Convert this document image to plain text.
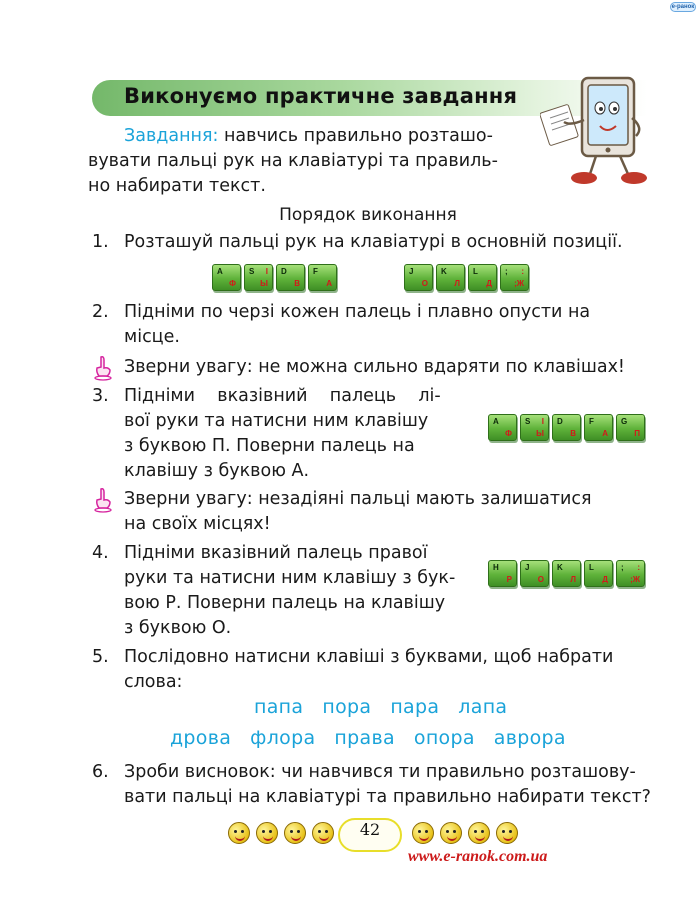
e-ранок
Виконуємо практичне завдання
Завдання: навчись правильно розташо-
вувати пальці рук на клавіатурі та правиль-
но набирати текст.
Порядок виконання
1. Розташуй пальці рук на клавіатурі в основній позиції.
A
Ф
S І
Ы
D
В
F
А
J
О
K
Л
L
Д
; :
;Ж
2. Підніми по черзі кожен палець і плавно опусти на
місце.
Зверни увагу: не можна сильно вдаряти по клавішах!
3. Підніми    вказівний    палець    лі-
вої руки та натисни ним клавішу
з буквою П. Поверни палець на
клавішу з буквою А.
A
Ф
S І
Ы
D
В
F
А
G
П
Зверни увагу: незадіяні пальці мають залишатися
на своїх місцях!
4. Підніми вказівний палець правої
руки та натисни ним клавішу з бук-
вою Р. Поверни палець на клавішу
з буквою О.
H
Р
J
О
K
Л
L
Д
; :
;Ж
5. Послідовно натисни клавіші з буквами, щоб набрати
слова:
папа   пора   пара   лапа
дрова   флора   права   опора   аврора
6. Зроби висновок: чи навчився ти правильно розташову-
вати пальці на клавіатурі та правильно набирати текст?
42
www.e-ranok.com.ua
